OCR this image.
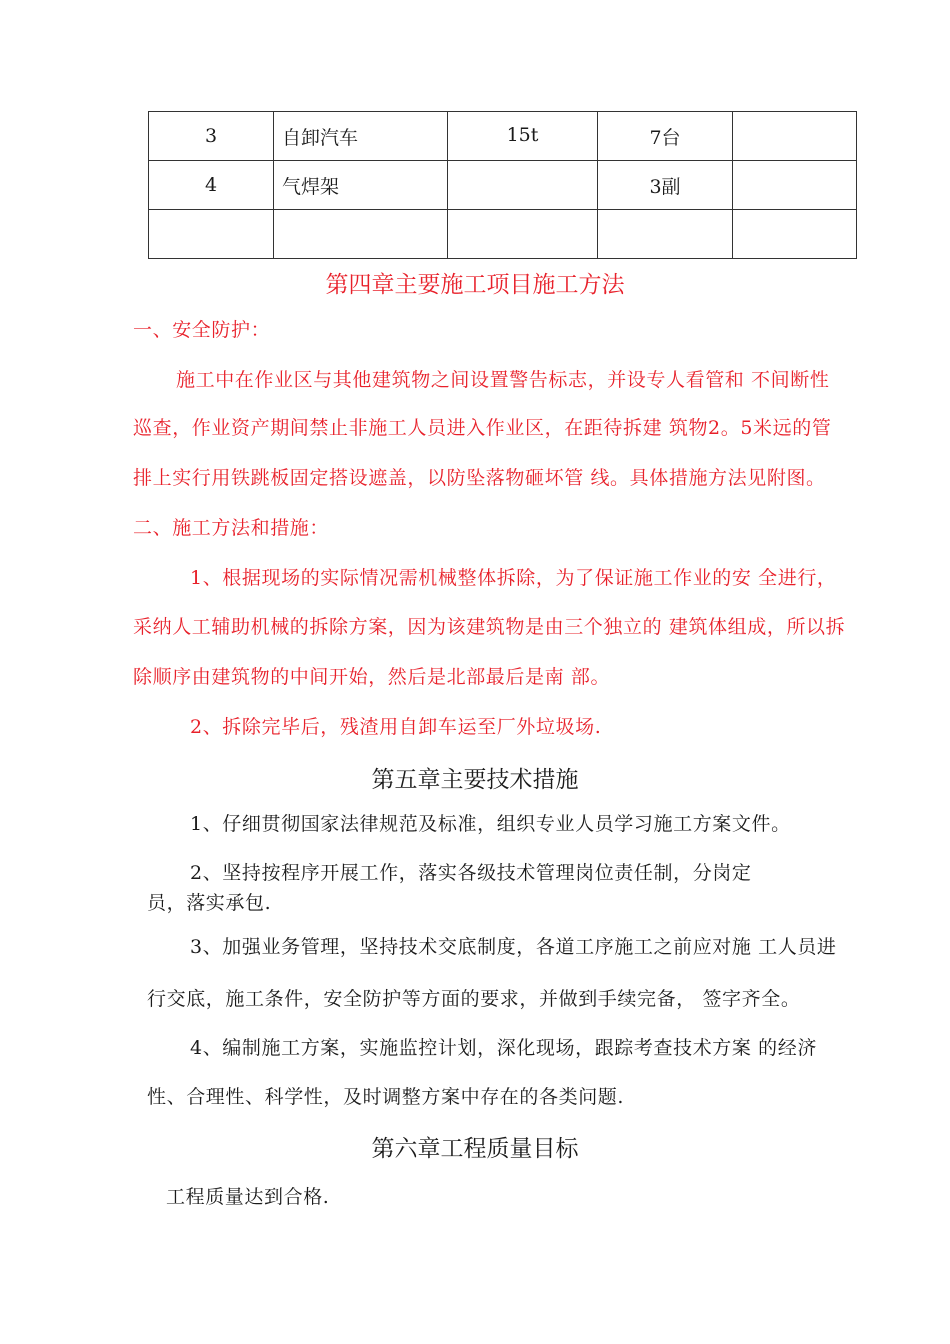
3	自卸汽车	15t	7台	
4	气焊架		3副	

第四章主要施工项目施工方法
一、安全防护：
施工中在作业区与其他建筑物之间设置警告标志，并设专人看管和 不间断性
巡查，作业资产期间禁止非施工人员进入作业区，在距待拆建 筑物2。5米远的管
排上实行用铁跳板固定搭设遮盖，以防坠落物砸坏管 线。具体措施方法见附图。
二、施工方法和措施：
1、根据现场的实际情况需机械整体拆除，为了保证施工作业的安 全进行，
采纳人工辅助机械的拆除方案，因为该建筑物是由三个独立的 建筑体组成，所以拆
除顺序由建筑物的中间开始，然后是北部最后是南 部。
2、拆除完毕后，残渣用自卸车运至厂外垃圾场.
第五章主要技术措施
1、仔细贯彻国家法律规范及标准，组织专业人员学习施工方案文件。
2、坚持按程序开展工作，落实各级技术管理岗位责任制，分岗定
员，落实承包.
3、加强业务管理，坚持技术交底制度，各道工序施工之前应对施 工人员进
行交底，施工条件，安全防护等方面的要求，并做到手续完备， 签字齐全。
4、编制施工方案，实施监控计划，深化现场，跟踪考查技术方案 的经济
性、合理性、科学性，及时调整方案中存在的各类问题.
第六章工程质量目标
工程质量达到合格.
